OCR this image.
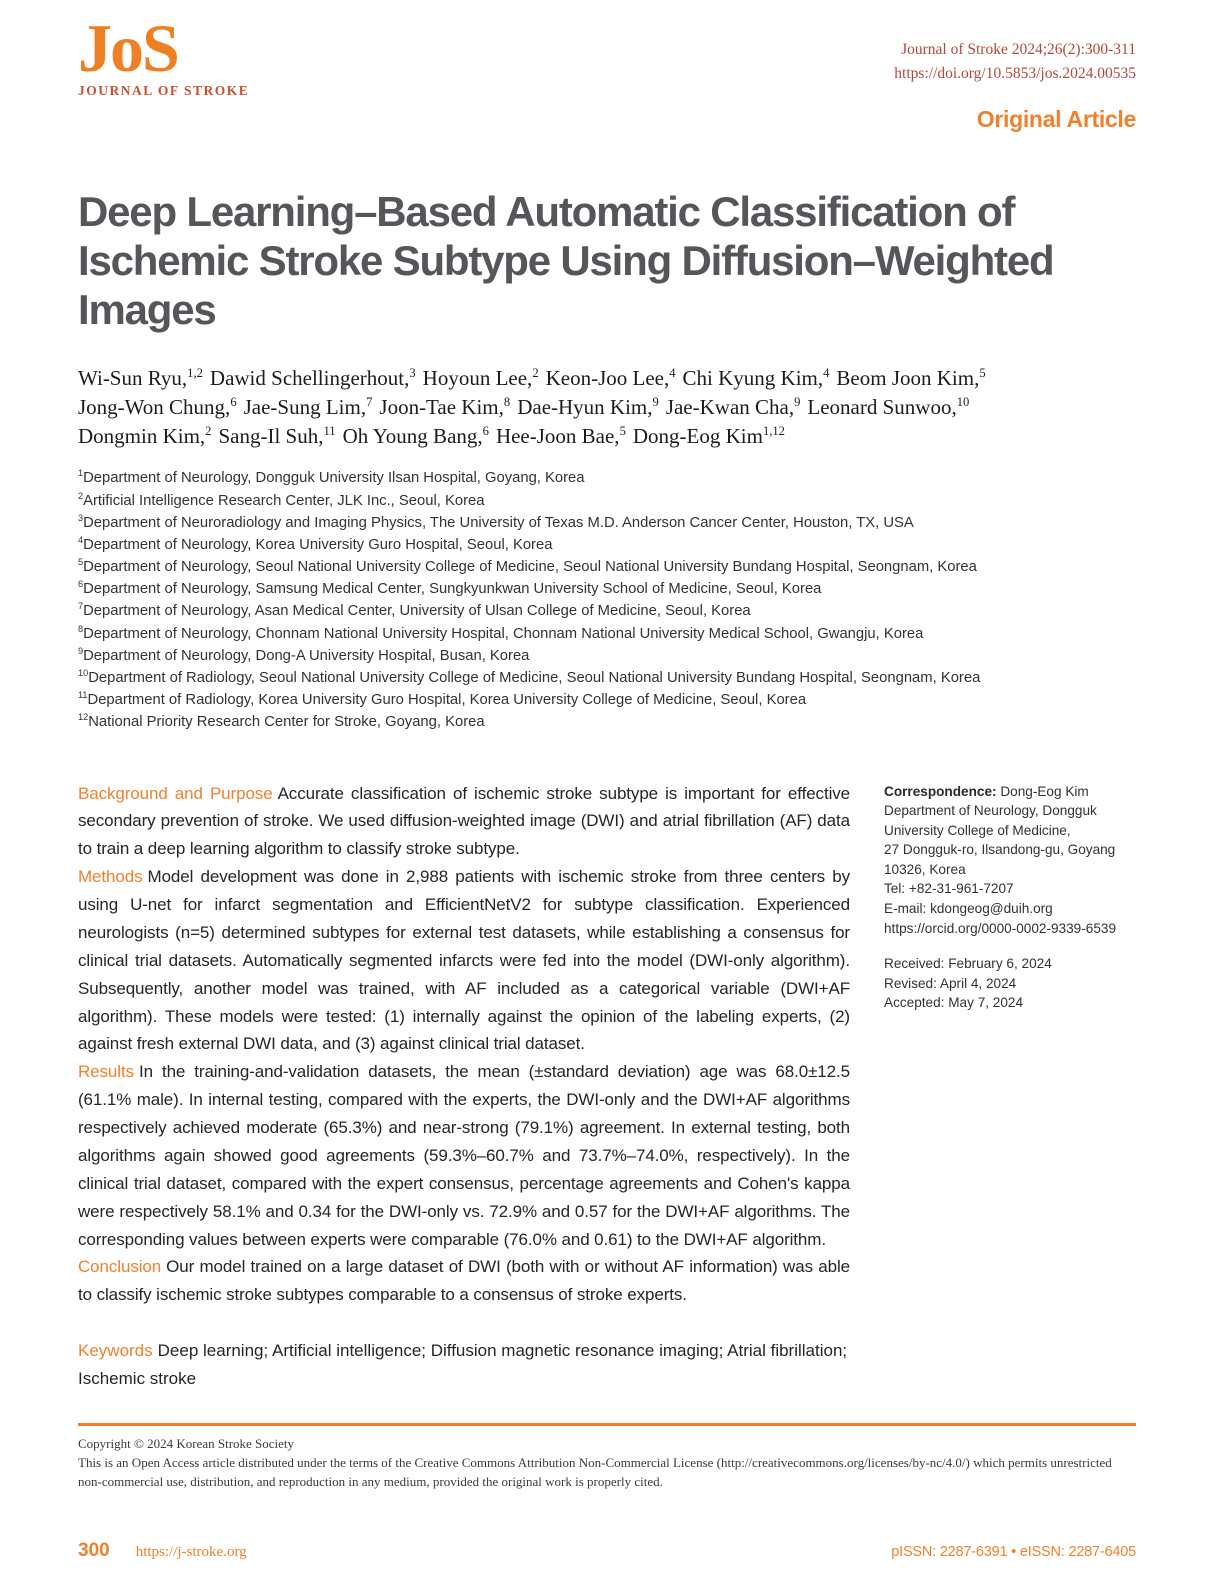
JoS
JOURNAL OF STROKE
Journal of Stroke 2024;26(2):300-311
https://doi.org/10.5853/jos.2024.00535
Original Article
Deep Learning–Based Automatic Classification of
Ischemic Stroke Subtype Using Diffusion–Weighted
Images
Wi-Sun Ryu,$^{1,2}$ Dawid Schellingerhout,$^3$ Hoyoun Lee,$^2$ Keon-Joo Lee,$^4$ Chi Kyung Kim,$^4$ Beom Joon Kim,$^5$
Jong-Won Chung,$^6$ Jae-Sung Lim,$^7$ Joon-Tae Kim,$^8$ Dae-Hyun Kim,$^9$ Jae-Kwan Cha,$^9$ Leonard Sunwoo,$^{10}$
Dongmin Kim,$^2$ Sang-Il Suh,$^{11}$ Oh Young Bang,$^6$ Hee-Joon Bae,$^5$ Dong-Eog Kim$^{1,12}$
$^1$Department of Neurology, Dongguk University Ilsan Hospital, Goyang, Korea
$^2$Artificial Intelligence Research Center, JLK Inc., Seoul, Korea
$^3$Department of Neuroradiology and Imaging Physics, The University of Texas M.D. Anderson Cancer Center, Houston, TX, USA
$^4$Department of Neurology, Korea University Guro Hospital, Seoul, Korea
$^5$Department of Neurology, Seoul National University College of Medicine, Seoul National University Bundang Hospital, Seongnam, Korea
$^6$Department of Neurology, Samsung Medical Center, Sungkyunkwan University School of Medicine, Seoul, Korea
$^7$Department of Neurology, Asan Medical Center, University of Ulsan College of Medicine, Seoul, Korea
$^8$Department of Neurology, Chonnam National University Hospital, Chonnam National University Medical School, Gwangju, Korea
$^9$Department of Neurology, Dong-A University Hospital, Busan, Korea
$^{10}$Department of Radiology, Seoul National University College of Medicine, Seoul National University Bundang Hospital, Seongnam, Korea
$^{11}$Department of Radiology, Korea University Guro Hospital, Korea University College of Medicine, Seoul, Korea
$^{12}$National Priority Research Center for Stroke, Goyang, Korea

Background and Purpose Accurate classification of ischemic stroke subtype is important for effective secondary prevention of stroke. We used diffusion-weighted image (DWI) and atrial fibrillation (AF) data to train a deep learning algorithm to classify stroke subtype.

Methods Model development was done in 2,988 patients with ischemic stroke from three centers by using U-net for infarct segmentation and EfficientNetV2 for subtype classification. Experienced neurologists (n=5) determined subtypes for external test datasets, while establishing a consensus for clinical trial datasets. Automatically segmented infarcts were fed into the model (DWI-only algorithm). Subsequently, another model was trained, with AF included as a categorical variable (DWI+AF algorithm). These models were tested: (1) internally against the opinion of the labeling experts, (2) against fresh external DWI data, and (3) against clinical trial dataset.

Results In the training-and-validation datasets, the mean (±standard deviation) age was 68.0±12.5 (61.1% male). In internal testing, compared with the experts, the DWI-only and the DWI+AF algorithms respectively achieved moderate (65.3%) and near-strong (79.1%) agreement. In external testing, both algorithms again showed good agreements (59.3%–60.7% and 73.7%–74.0%, respectively). In the clinical trial dataset, compared with the expert consensus, percentage agreements and Cohen's kappa were respectively 58.1% and 0.34 for the DWI-only vs. 72.9% and 0.57 for the DWI+AF algorithms. The corresponding values between experts were comparable (76.0% and 0.61) to the DWI+AF algorithm.

Conclusion Our model trained on a large dataset of DWI (both with or without AF information) was able to classify ischemic stroke subtypes comparable to a consensus of stroke experts.

Keywords Deep learning; Artificial intelligence; Diffusion magnetic resonance imaging; Atrial fibrillation; Ischemic stroke

Correspondence: Dong-Eog Kim
Department of Neurology, Dongguk
University College of Medicine,
27 Dongguk-ro, Ilsandong-gu, Goyang
10326, Korea
Tel: +82-31-961-7207
E-mail: kdongeog@duih.org
https://orcid.org/0000-0002-9339-6539
Received: February 6, 2024
Revised: April 4, 2024
Accepted: May 7, 2024
Copyright © 2024 Korean Stroke Society
This is an Open Access article distributed under the terms of the Creative Commons Attribution Non-Commercial License (http://creativecommons.org/licenses/by-nc/4.0/) which permits unrestricted non-commercial use, distribution, and reproduction in any medium, provided the original work is properly cited.
300 https://j-stroke.org	pISSN: 2287-6391 • eISSN: 2287-6405
